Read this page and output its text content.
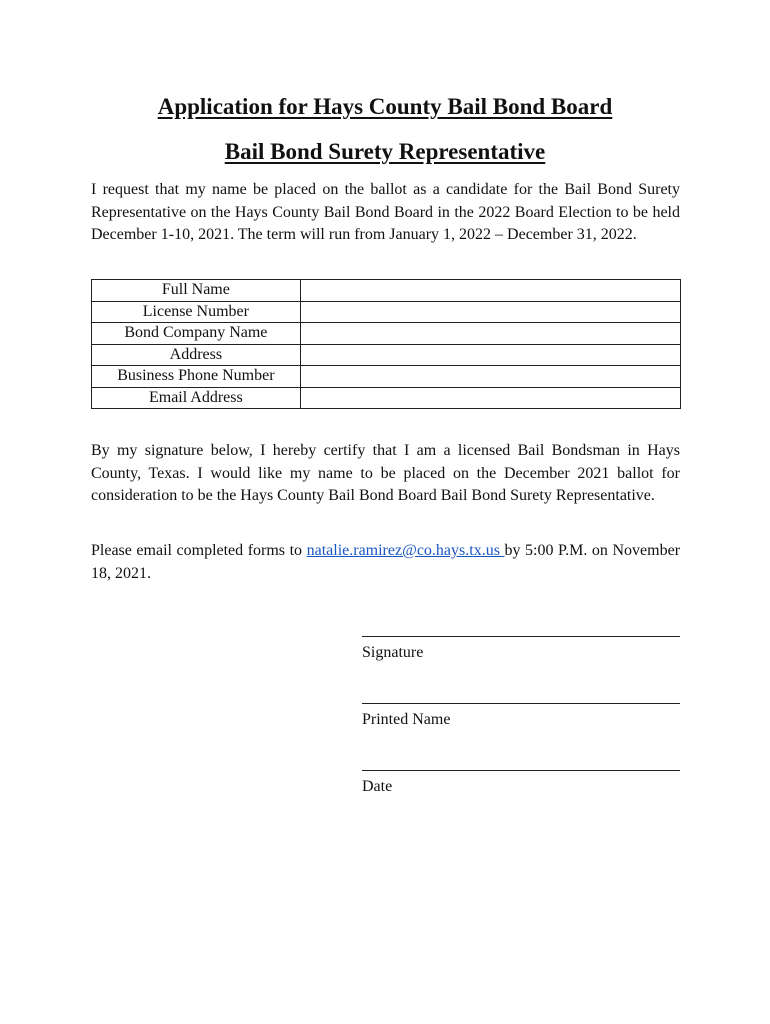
Application for Hays County Bail Bond Board
Bail Bond Surety Representative

I request that my name be placed on the ballot as a candidate for the Bail Bond Surety Representative on the Hays County Bail Bond Board in the 2022 Board Election to be held December 1-10, 2021. The term will run from January 1, 2022 – December 31, 2022.

Full Name	
License Number	
Bond Company Name	
Address	
Business Phone Number	
Email Address	

By my signature below, I hereby certify that I am a licensed Bail Bondsman in Hays County, Texas. I would like my name to be placed on the December 2021 ballot for consideration to be the Hays County Bail Bond Board Bail Bond Surety Representative.

Please email completed forms to natalie.ramirez@co.hays.tx.us by 5:00 P.M. on November 18, 2021.

Signature
Printed Name
Date
